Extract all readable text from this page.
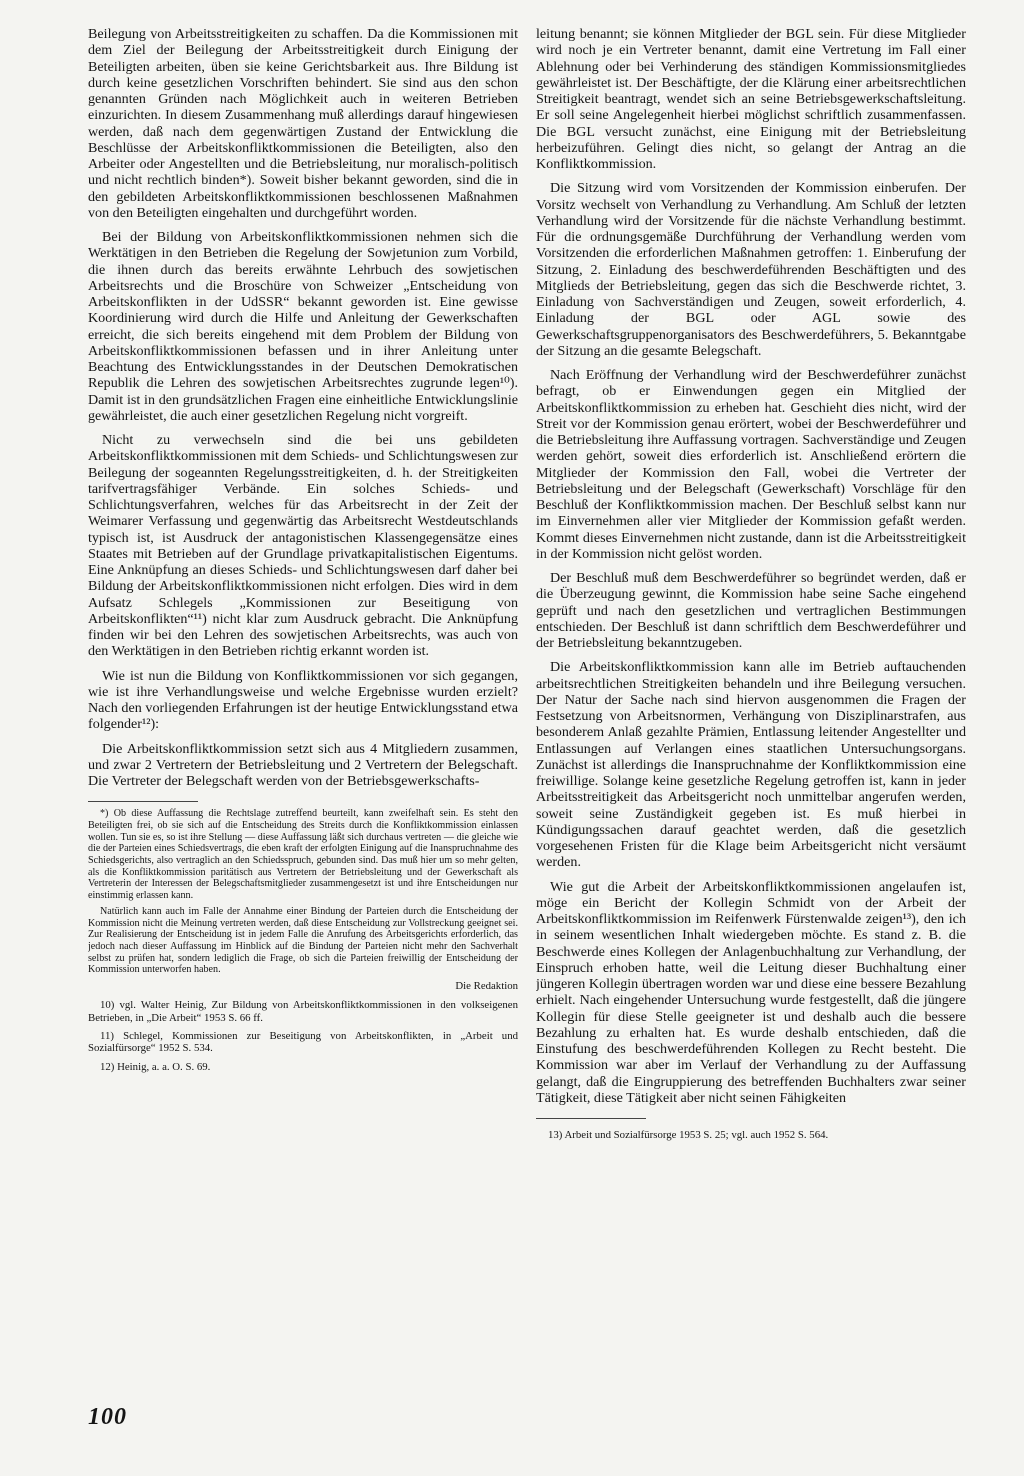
Beilegung von Arbeitsstreitigkeiten zu schaffen. Da die Kommissionen mit dem Ziel der Beilegung der Arbeitsstreitigkeit durch Einigung der Beteiligten arbeiten, üben sie keine Gerichtsbarkeit aus. Ihre Bildung ist durch keine gesetzlichen Vorschriften behindert. Sie sind aus den schon genannten Gründen nach Möglichkeit auch in weiteren Betrieben einzurichten. In diesem Zusammenhang muß allerdings darauf hingewiesen werden, daß nach dem gegenwärtigen Zustand der Entwicklung die Beschlüsse der Arbeitskonfliktkommissionen die Beteiligten, also den Arbeiter oder Angestellten und die Betriebsleitung, nur moralisch-politisch und nicht rechtlich binden*). Soweit bisher bekannt geworden, sind die in den gebildeten Arbeitskonfliktkommissionen beschlossenen Maßnahmen von den Beteiligten eingehalten und durchgeführt worden.

Bei der Bildung von Arbeitskonfliktkommissionen nehmen sich die Werktätigen in den Betrieben die Regelung der Sowjetunion zum Vorbild, die ihnen durch das bereits erwähnte Lehrbuch des sowjetischen Arbeitsrechts und die Broschüre von Schweizer „Entscheidung von Arbeitskonflikten in der UdSSR“ bekannt geworden ist. Eine gewisse Koordinierung wird durch die Hilfe und Anleitung der Gewerkschaften erreicht, die sich bereits eingehend mit dem Problem der Bildung von Arbeitskonfliktkommissionen befassen und in ihrer Anleitung unter Beachtung des Entwicklungsstandes in der Deutschen Demokratischen Republik die Lehren des sowjetischen Arbeitsrechtes zugrunde legen¹⁰). Damit ist in den grundsätzlichen Fragen eine einheitliche Entwicklungslinie gewährleistet, die auch einer gesetzlichen Regelung nicht vorgreift.

Nicht zu verwechseln sind die bei uns gebildeten Arbeitskonfliktkommissionen mit dem Schieds- und Schlichtungswesen zur Beilegung der sogeannten Regelungsstreitigkeiten, d. h. der Streitigkeiten tarifvertragsfähiger Verbände. Ein solches Schieds- und Schlichtungsverfahren, welches für das Arbeitsrecht in der Zeit der Weimarer Verfassung und gegenwärtig das Arbeitsrecht Westdeutschlands typisch ist, ist Ausdruck der antagonistischen Klassengegensätze eines Staates mit Betrieben auf der Grundlage privatkapitalistischen Eigentums. Eine Anknüpfung an dieses Schieds- und Schlichtungswesen darf daher bei Bildung der Arbeitskonfliktkommissionen nicht erfolgen. Dies wird in dem Aufsatz Schlegels „Kommissionen zur Beseitigung von Arbeitskonflikten“¹¹) nicht klar zum Ausdruck gebracht. Die Anknüpfung finden wir bei den Lehren des sowjetischen Arbeitsrechts, was auch von den Werktätigen in den Betrieben richtig erkannt worden ist.

Wie ist nun die Bildung von Konfliktkommissionen vor sich gegangen, wie ist ihre Verhandlungsweise und welche Ergebnisse wurden erzielt? Nach den vorliegenden Erfahrungen ist der heutige Entwicklungsstand etwa folgender¹²):

Die Arbeitskonfliktkommission setzt sich aus 4 Mitgliedern zusammen, und zwar 2 Vertretern der Betriebsleitung und 2 Vertretern der Belegschaft. Die Vertreter der Belegschaft werden von der Betriebsgewerkschafts-

*) Ob diese Auffassung die Rechtslage zutreffend beurteilt, kann zweifelhaft sein. Es steht den Beteiligten frei, ob sie sich auf die Entscheidung des Streits durch die Konfliktkommission einlassen wollen. Tun sie es, so ist ihre Stellung — diese Auffassung läßt sich durchaus vertreten — die gleiche wie die der Parteien eines Schiedsvertrags, die eben kraft der erfolgten Einigung auf die Inanspruchnahme des Schiedsgerichts, also vertraglich an den Schiedsspruch, gebunden sind. Das muß hier um so mehr gelten, als die Konfliktkommission paritätisch aus Vertretern der Betriebsleitung und der Gewerkschaft als Vertreterin der Interessen der Belegschaftsmitglieder zusammengesetzt ist und ihre Entscheidungen nur einstimmig erlassen kann.

Natürlich kann auch im Falle der Annahme einer Bindung der Parteien durch die Entscheidung der Kommission nicht die Meinung vertreten werden, daß diese Entscheidung zur Vollstreckung geeignet sei. Zur Realisierung der Entscheidung ist in jedem Falle die Anrufung des Arbeitsgerichts erforderlich, das jedoch nach dieser Auffassung im Hinblick auf die Bindung der Parteien nicht mehr den Sachverhalt selbst zu prüfen hat, sondern lediglich die Frage, ob sich die Parteien freiwillig der Entscheidung der Kommission unterworfen haben.

Die Redaktion

10) vgl. Walter Heinig, Zur Bildung von Arbeitskonfliktkommissionen in den volkseigenen Betrieben, in „Die Arbeit“ 1953 S. 66 ff.

11) Schlegel, Kommissionen zur Beseitigung von Arbeitskonflikten, in „Arbeit und Sozialfürsorge“ 1952 S. 534.

12) Heinig, a. a. O. S. 69.

leitung benannt; sie können Mitglieder der BGL sein. Für diese Mitglieder wird noch je ein Vertreter benannt, damit eine Vertretung im Fall einer Ablehnung oder bei Verhinderung des ständigen Kommissionsmitgliedes gewährleistet ist. Der Beschäftigte, der die Klärung einer arbeitsrechtlichen Streitigkeit beantragt, wendet sich an seine Betriebsgewerkschaftsleitung. Er soll seine Angelegenheit hierbei möglichst schriftlich zusammenfassen. Die BGL versucht zunächst, eine Einigung mit der Betriebsleitung herbeizuführen. Gelingt dies nicht, so gelangt der Antrag an die Konfliktkommission.

Die Sitzung wird vom Vorsitzenden der Kommission einberufen. Der Vorsitz wechselt von Verhandlung zu Verhandlung. Am Schluß der letzten Verhandlung wird der Vorsitzende für die nächste Verhandlung bestimmt. Für die ordnungsgemäße Durchführung der Verhandlung werden vom Vorsitzenden die erforderlichen Maßnahmen getroffen: 1. Einberufung der Sitzung, 2. Einladung des beschwerdeführenden Beschäftigten und des Mitglieds der Betriebsleitung, gegen das sich die Beschwerde richtet, 3. Einladung von Sachverständigen und Zeugen, soweit erforderlich, 4. Einladung der BGL oder AGL sowie des Gewerkschaftsgruppenorganisators des Beschwerdeführers, 5. Bekanntgabe der Sitzung an die gesamte Belegschaft.

Nach Eröffnung der Verhandlung wird der Beschwerdeführer zunächst befragt, ob er Einwendungen gegen ein Mitglied der Arbeitskonfliktkommission zu erheben hat. Geschieht dies nicht, wird der Streit vor der Kommission genau erörtert, wobei der Beschwerdeführer und die Betriebsleitung ihre Auffassung vortragen. Sachverständige und Zeugen werden gehört, soweit dies erforderlich ist. Anschließend erörtern die Mitglieder der Kommission den Fall, wobei die Vertreter der Betriebsleitung und der Belegschaft (Gewerkschaft) Vorschläge für den Beschluß der Konfliktkommission machen. Der Beschluß selbst kann nur im Einvernehmen aller vier Mitglieder der Kommission gefaßt werden. Kommt dieses Einvernehmen nicht zustande, dann ist die Arbeitsstreitigkeit in der Kommission nicht gelöst worden.

Der Beschluß muß dem Beschwerdeführer so begründet werden, daß er die Überzeugung gewinnt, die Kommission habe seine Sache eingehend geprüft und nach den gesetzlichen und vertraglichen Bestimmungen entschieden. Der Beschluß ist dann schriftlich dem Beschwerdeführer und der Betriebsleitung bekanntzugeben.

Die Arbeitskonfliktkommission kann alle im Betrieb auftauchenden arbeitsrechtlichen Streitigkeiten behandeln und ihre Beilegung versuchen. Der Natur der Sache nach sind hiervon ausgenommen die Fragen der Festsetzung von Arbeitsnormen, Verhängung von Disziplinarstrafen, aus besonderem Anlaß gezahlte Prämien, Entlassung leitender Angestellter und Entlassungen auf Verlangen eines staatlichen Untersuchungsorgans. Zunächst ist allerdings die Inanspruchnahme der Konfliktkommission eine freiwillige. Solange keine gesetzliche Regelung getroffen ist, kann in jeder Arbeitsstreitigkeit das Arbeitsgericht noch unmittelbar angerufen werden, soweit seine Zuständigkeit gegeben ist. Es muß hierbei in Kündigungssachen darauf geachtet werden, daß die gesetzlich vorgesehenen Fristen für die Klage beim Arbeitsgericht nicht versäumt werden.

Wie gut die Arbeit der Arbeitskonfliktkommissionen angelaufen ist, möge ein Bericht der Kollegin Schmidt von der Arbeit der Arbeitskonfliktkommission im Reifenwerk Fürstenwalde zeigen¹³), den ich in seinem wesentlichen Inhalt wiedergeben möchte. Es stand z. B. die Beschwerde eines Kollegen der Anlagenbuchhaltung zur Verhandlung, der Einspruch erhoben hatte, weil die Leitung dieser Buchhaltung einer jüngeren Kollegin übertragen worden war und diese eine bessere Bezahlung erhielt. Nach eingehender Untersuchung wurde festgestellt, daß die jüngere Kollegin für diese Stelle geeigneter ist und deshalb auch die bessere Bezahlung zu erhalten hat. Es wurde deshalb entschieden, daß die Einstufung des beschwerdeführenden Kollegen zu Recht besteht. Die Kommission war aber im Verlauf der Verhandlung zu der Auffassung gelangt, daß die Eingruppierung des betreffenden Buchhalters zwar seiner Tätigkeit, diese Tätigkeit aber nicht seinen Fähigkeiten

13) Arbeit und Sozialfürsorge 1953 S. 25; vgl. auch 1952 S. 564.

100
